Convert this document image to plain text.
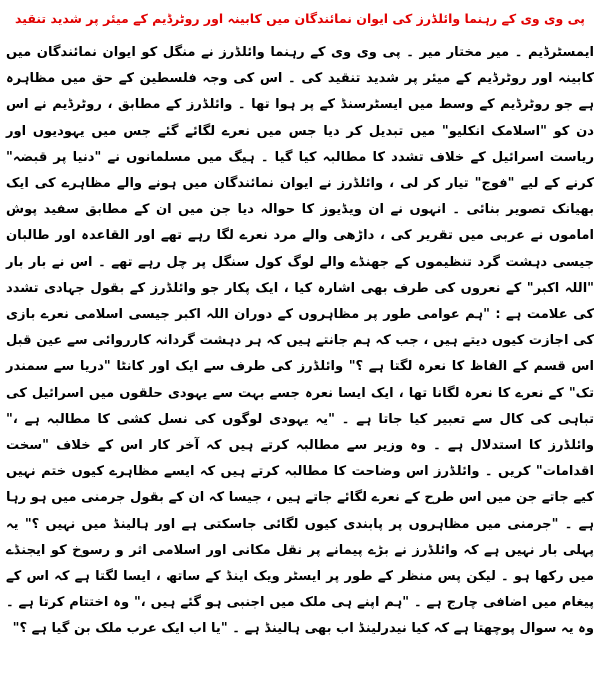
پی وی وی کے رہنما وائلڈرز کی ایوان نمائندگان میں کابینہ اور روٹرڈیم کے میئر پر شدید تنقید

ایمسٹرڈیم ۔ میر مختار میر ۔ پی وی وی کے رہنما وائلڈرز نے منگل کو ایوان نمائندگان میں کابینہ اور روٹرڈیم کے میئر پر شدید تنقید کی ۔ اس کی وجہ فلسطین کے حق میں مظاہرہ ہے جو روٹرڈیم کے وسط میں ایسٹرسنڈ کے پر ہوا تھا ۔ وائلڈرز کے مطابق ، روٹرڈیم نے اس دن کو "اسلامک انکلیو" میں تبدیل کر دیا جس میں نعرے لگائے گئے جس میں یہودیوں اور ریاست اسرائیل کے خلاف تشدد کا مطالبہ کیا گیا ۔ ہیگ میں مسلمانوں نے "دنیا پر قبضہ" کرنے کے لیے "فوج" تیار کر لی ، وائلڈرز نے ایوان نمائندگان میں ہونے والے مظاہرے کی ایک بھیانک تصویر بنائی ۔ انہوں نے ان ویڈیوز کا حوالہ دیا جن میں ان کے مطابق سفید پوش اماموں نے عربی میں تقریر کی ، داڑھی والے مرد نعرے لگا رہے تھے اور القاعدہ اور طالبان جیسی دہشت گرد تنظیموں کے جھنڈے والے لوگ کول سنگل پر چل رہے تھے ۔ اس نے بار بار "اللہ اکبر" کے نعروں کی طرف بھی اشارہ کیا ، ایک پکار جو وائلڈرز کے بقول جہادی تشدد کی علامت ہے : "ہم عوامی طور پر مظاہروں کے دوران اللہ اکبر جیسی اسلامی نعرے بازی کی اجازت کیوں دیتے ہیں ، جب کہ ہم جانتے ہیں کہ ہر دہشت گردانہ کارروائی سے عین قبل اس قسم کے الفاظ کا نعرہ لگتا ہے ؟" وائلڈرز کی طرف سے ایک اور کانٹا "دریا سے سمندر تک" کے نعرے کا نعرہ لگانا تھا ، ایک ایسا نعرہ جسے بہت سے یہودی حلقوں میں اسرائیل کی تباہی کی کال سے تعبیر کیا جاتا ہے ۔ "یہ یہودی لوگوں کی نسل کشی کا مطالبہ ہے ،" وائلڈرز کا استدلال ہے ۔ وہ وزیر سے مطالبہ کرتے ہیں کہ آخر کار اس کے خلاف "سخت اقدامات" کریں ۔ وائلڈرز اس وضاحت کا مطالبہ کرتے ہیں کہ ایسے مظاہرے کیوں ختم نہیں کیے جاتے جن میں اس طرح کے نعرے لگائے جاتے ہیں ، جیسا کہ ان کے بقول جرمنی میں ہو رہا ہے ۔ "جرمنی میں مظاہروں پر پابندی کیوں لگائی جاسکتی ہے اور ہالینڈ میں نہیں ؟" یہ پہلی بار نہیں ہے کہ وائلڈرز نے بڑے پیمانے پر نقل مکانی اور اسلامی اثر و رسوخ کو ایجنڈے میں رکھا ہو ۔ لیکن پس منظر کے طور پر ایسٹر ویک اینڈ کے ساتھ ، ایسا لگتا ہے کہ اس کے پیغام میں اضافی چارج ہے ۔ "ہم اپنے ہی ملک میں اجنبی ہو گئے ہیں ،" وہ اختتام کرتا ہے ۔ وہ یہ سوال پوچھتا ہے کہ کیا نیدرلینڈ اب بھی ہالینڈ ہے ۔ "یا اب ایک عرب ملک بن گیا ہے ؟"
